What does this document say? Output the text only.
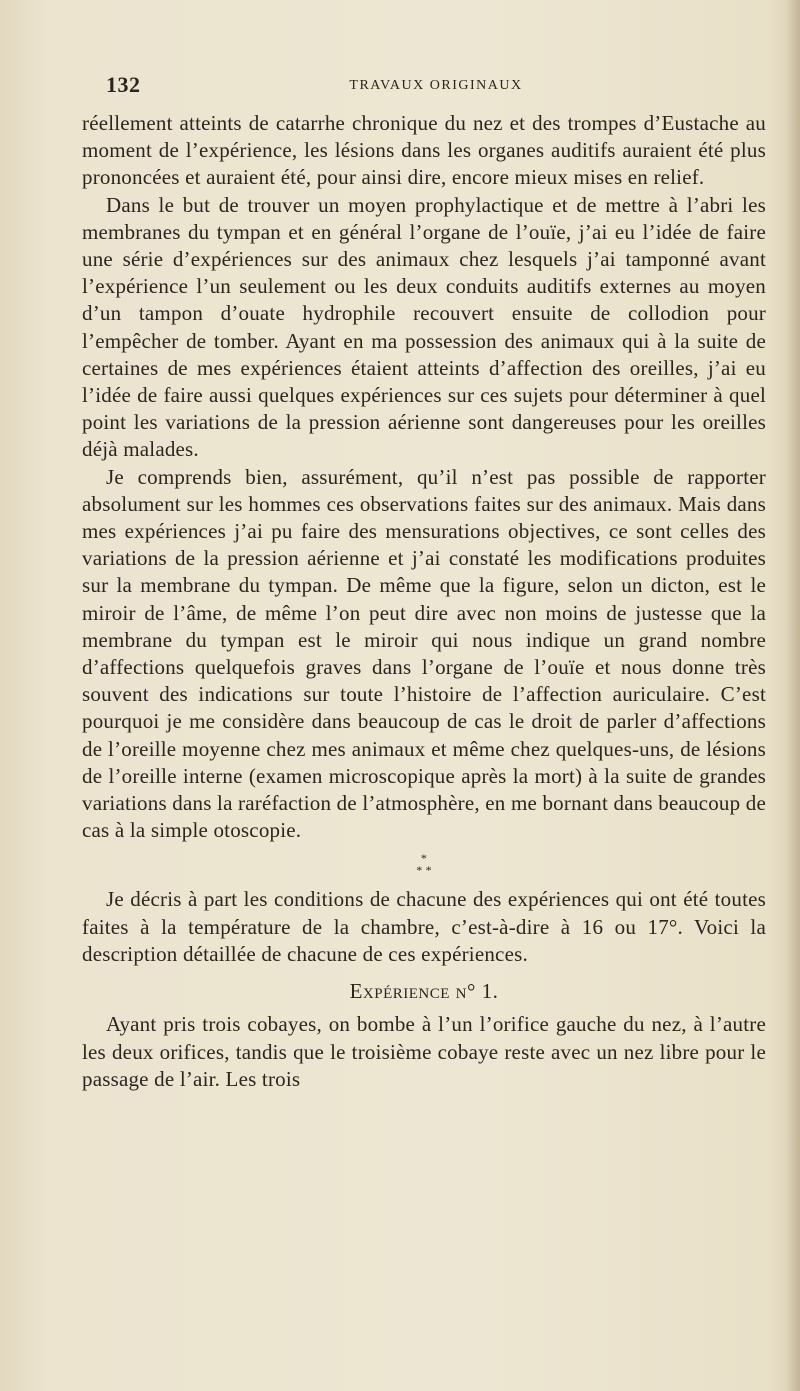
132	TRAVAUX ORIGINAUX

réellement atteints de catarrhe chronique du nez et des trompes d’Eustache au moment de l’expérience, les lésions dans les organes auditifs auraient été plus prononcées et auraient été, pour ainsi dire, encore mieux mises en relief.

Dans le but de trouver un moyen prophylactique et de mettre à l’abri les membranes du tympan et en général l’organe de l’ouïe, j’ai eu l’idée de faire une série d’expériences sur des animaux chez lesquels j’ai tamponné avant l’expérience l’un seulement ou les deux conduits auditifs externes au moyen d’un tampon d’ouate hydrophile recouvert ensuite de collodion pour l’empêcher de tomber. Ayant en ma possession des animaux qui à la suite de certaines de mes expériences étaient atteints d’affection des oreilles, j’ai eu l’idée de faire aussi quelques expériences sur ces sujets pour déterminer à quel point les variations de la pression aérienne sont dangereuses pour les oreilles déjà malades.

Je comprends bien, assurément, qu’il n’est pas possible de rapporter absolument sur les hommes ces observations faites sur des animaux. Mais dans mes expériences j’ai pu faire des mensurations objectives, ce sont celles des variations de la pression aérienne et j’ai constaté les modifications produites sur la membrane du tympan. De même que la figure, selon un dicton, est le miroir de l’âme, de même l’on peut dire avec non moins de justesse que la membrane du tympan est le miroir qui nous indique un grand nombre d’affections quelquefois graves dans l’organe de l’ouïe et nous donne très souvent des indications sur toute l’histoire de l’affection auriculaire. C’est pourquoi je me considère dans beaucoup de cas le droit de parler d’affections de l’oreille moyenne chez mes animaux et même chez quelques-uns, de lésions de l’oreille interne (examen microscopique après la mort) à la suite de grandes variations dans la raréfaction de l’atmosphère, en me bornant dans beaucoup de cas à la simple otoscopie.

*
* *

Je décris à part les conditions de chacune des expériences qui ont été toutes faites à la température de la chambre, c’est-à-dire à 16 ou 17°. Voici la description détaillée de chacune de ces expériences.

Expérience n° 1.

Ayant pris trois cobayes, on bombe à l’un l’orifice gauche du nez, à l’autre les deux orifices, tandis que le troisième cobaye reste avec un nez libre pour le passage de l’air. Les trois
